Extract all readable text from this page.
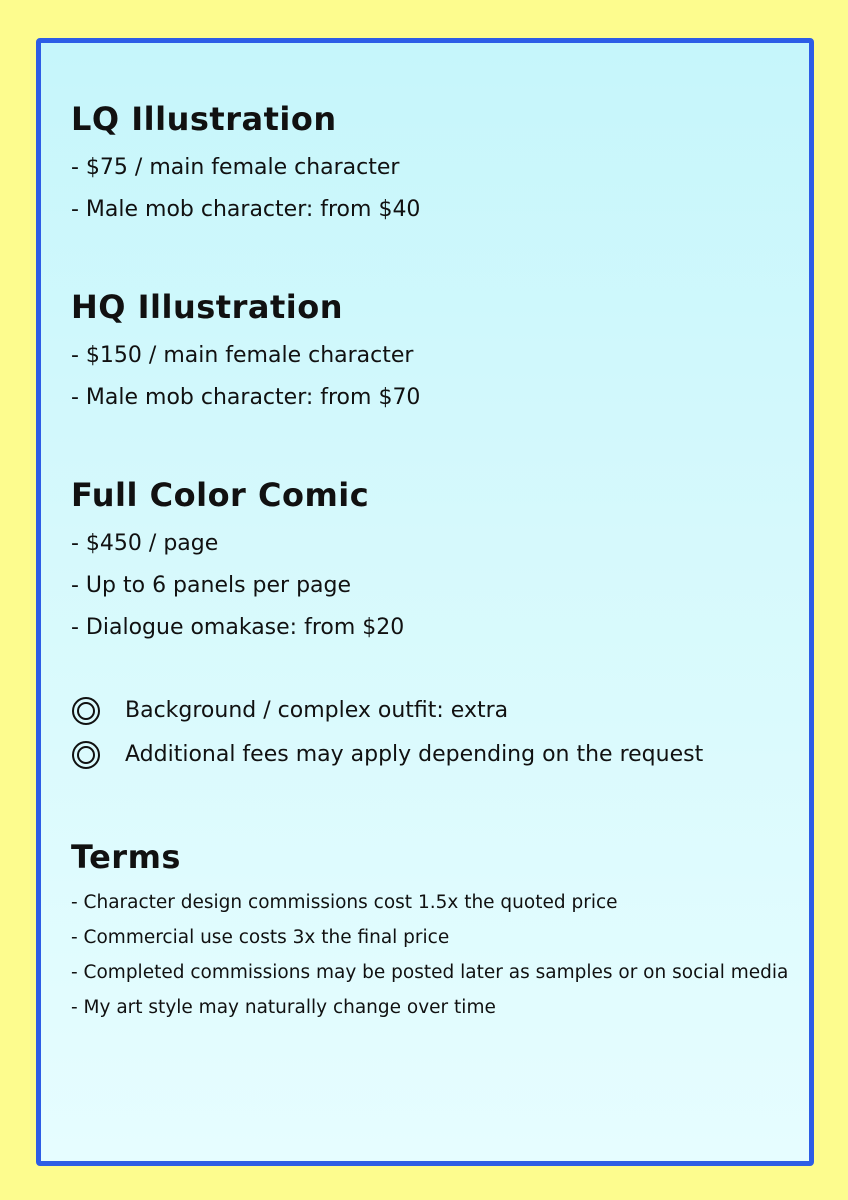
LQ Illustration
- $75 / main female character
- Male mob character: from $40
HQ Illustration
- $150 / main female character
- Male mob character: from $70
Full Color Comic
- $450 / page
- Up to 6 panels per page
- Dialogue omakase: from $20
Background / complex outfit: extra
Additional fees may apply depending on the request
Terms
- Character design commissions cost 1.5x the quoted price
- Commercial use costs 3x the final price
- Completed commissions may be posted later as samples or on social media
- My art style may naturally change over time
